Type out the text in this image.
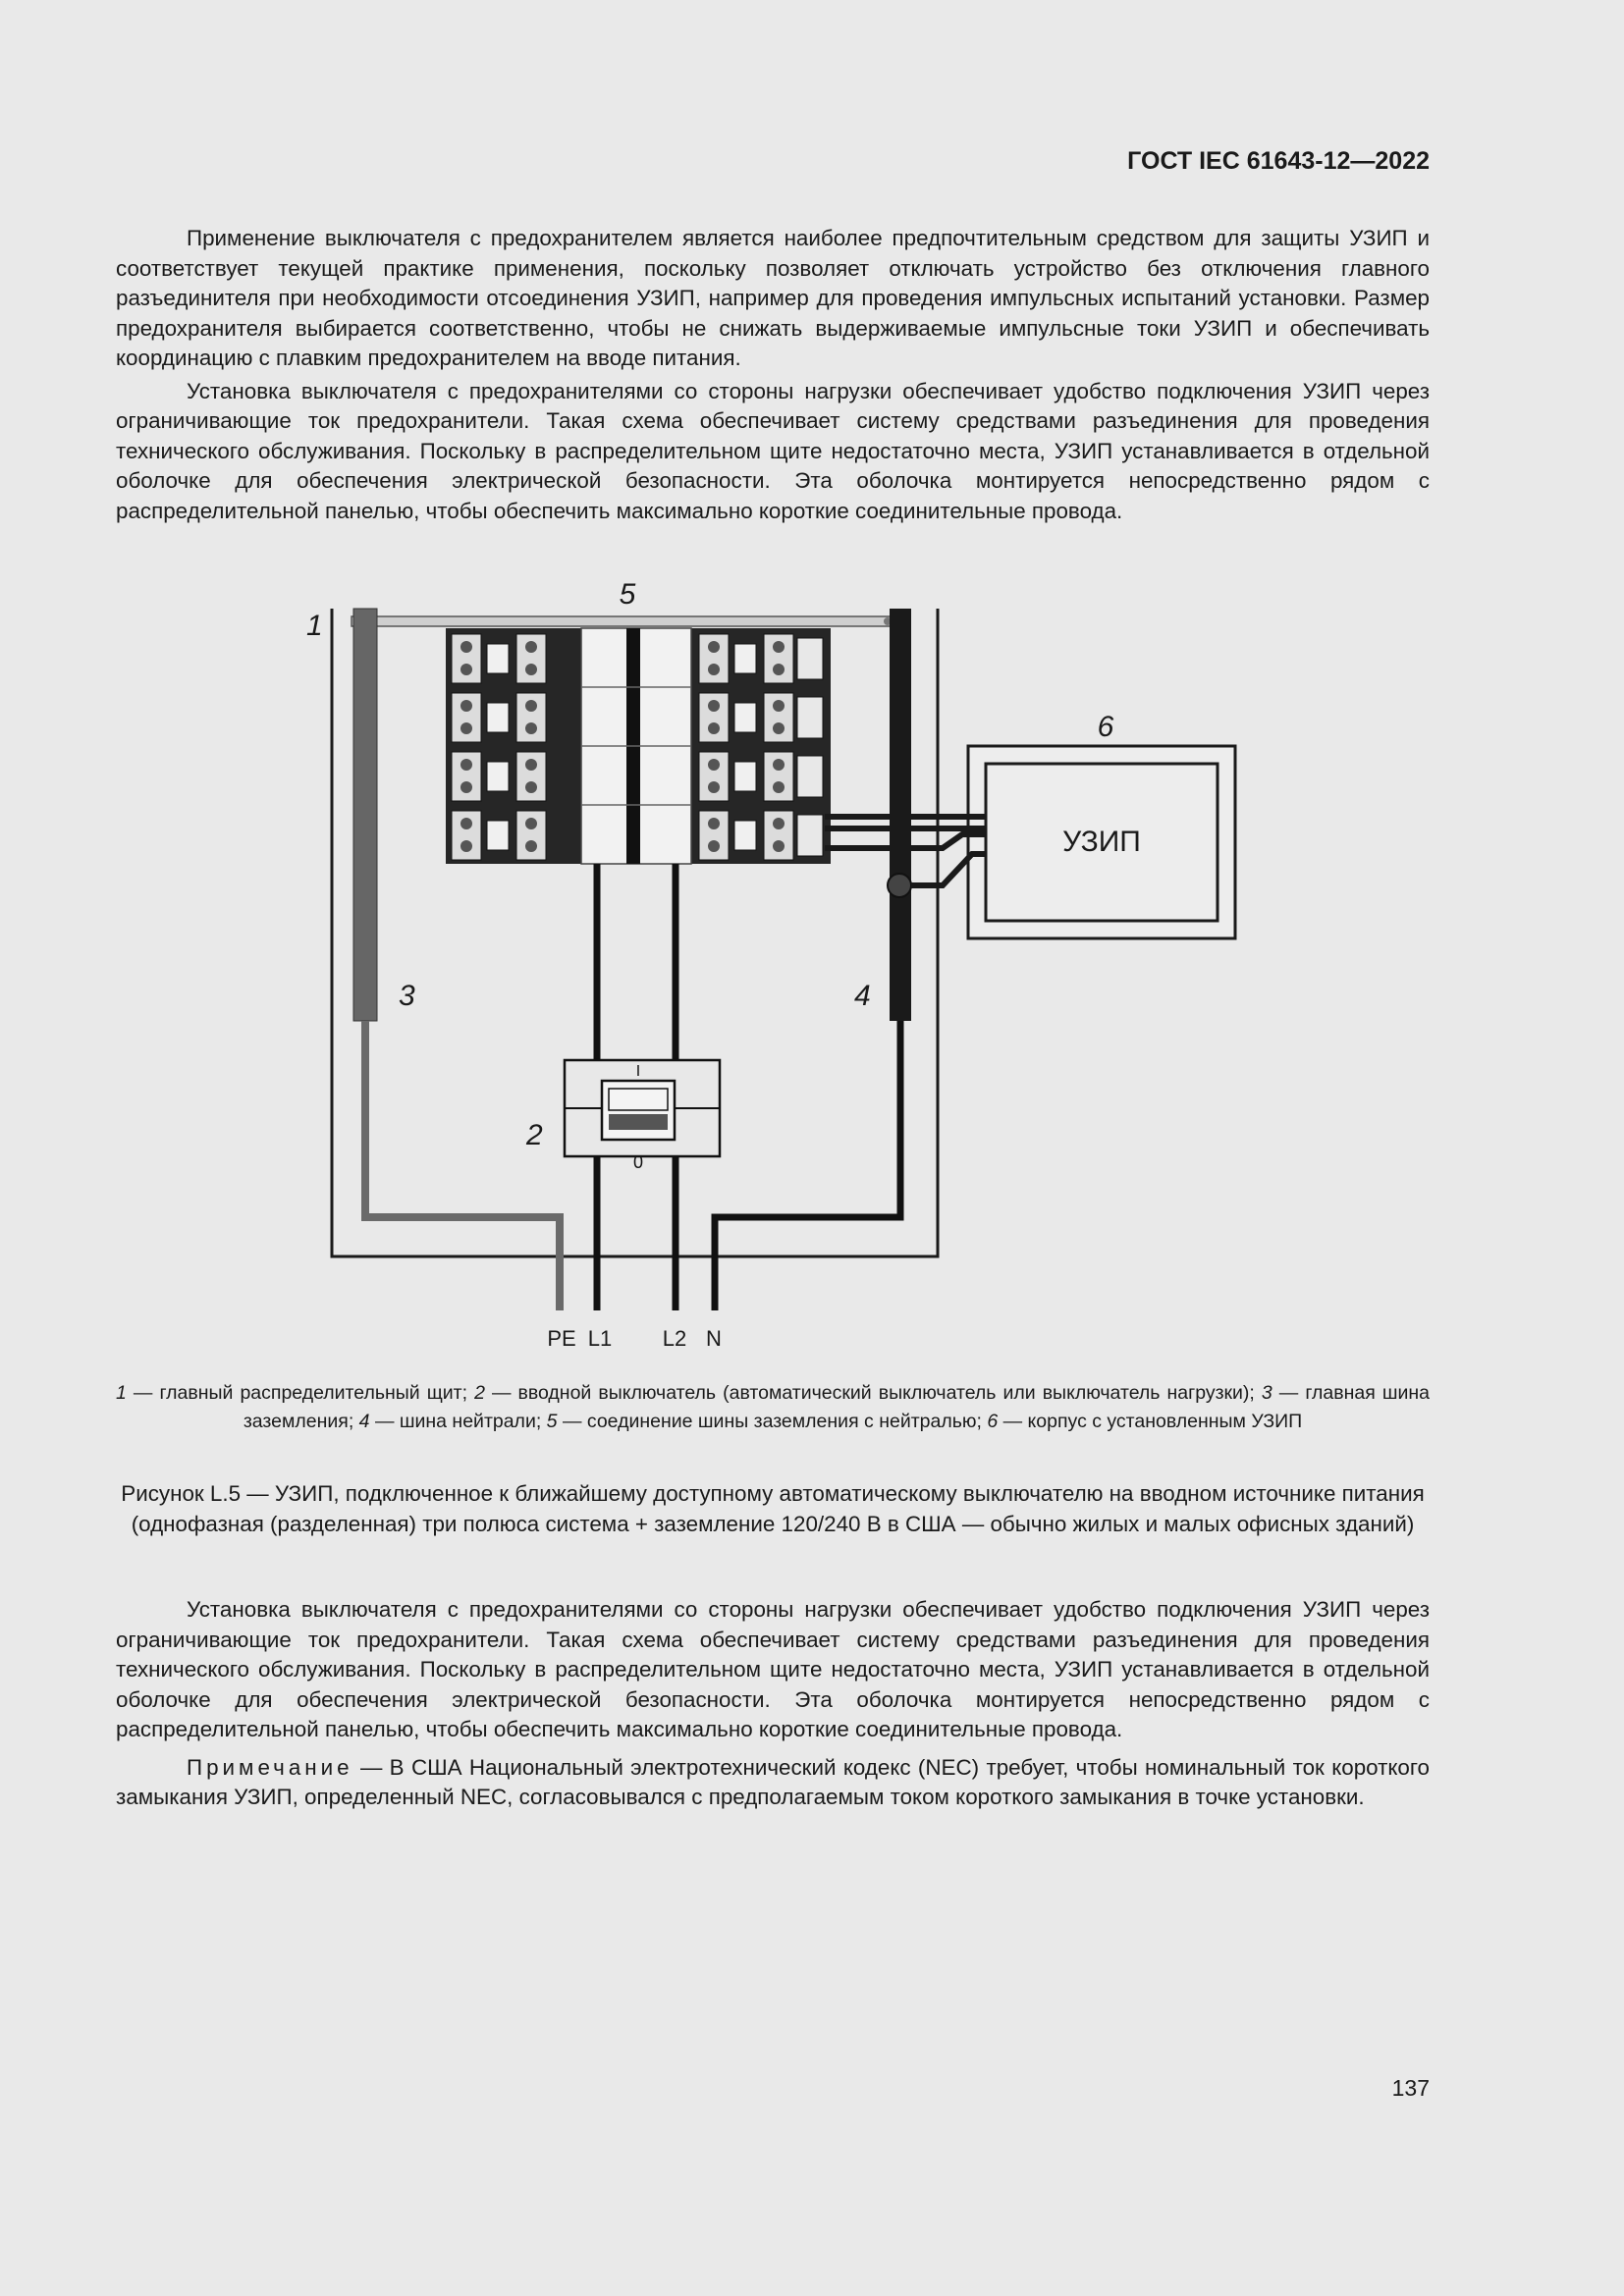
ГОСТ IEC 61643-12—2022

Применение выключателя с предохранителем является наиболее предпочтительным средством для защиты УЗИП и соответствует текущей практике применения, поскольку позволяет отключать устройство без отключения главного разъединителя при необходимости отсоединения УЗИП, например для проведения импульсных испытаний установки. Размер предохранителя выбирается соответственно, чтобы не снижать выдерживаемые импульсные токи УЗИП и обеспечивать координацию с плавким предохранителем на вводе питания.

Установка выключателя с предохранителями со стороны нагрузки обеспечивает удобство подключения УЗИП через ограничивающие ток предохранители. Такая схема обеспечивает систему средствами разъединения для проведения технического обслуживания. Поскольку в распределительном щите недостаточно места, УЗИП устанавливается в отдельной оболочке для обеспечения электрической безопасности. Эта оболочка монтируется непосредственно рядом с распределительной панелью, чтобы обеспечить максимально короткие соединительные провода.

УЗИП
I
0
1
5
6
3	4
2
PE L1 L2 N
1 — главный распределительный щит; 2 — вводной выключатель (автоматический выключатель или выключатель нагрузки); 3 — главная шина заземления; 4 — шина нейтрали; 5 — соединение шины заземления с нейтралью; 6 — корпус с установленным УЗИП
Рисунок L.5 — УЗИП, подключенное к ближайшему доступному автоматическому выключателю на вводном источнике питания (однофазная (разделенная) три полюса система + заземление 120/240 В в США — обычно жилых и малых офисных зданий)

Установка выключателя с предохранителями со стороны нагрузки обеспечивает удобство подключения УЗИП через ограничивающие ток предохранители. Такая схема обеспечивает систему средствами разъединения для проведения технического обслуживания. Поскольку в распределительном щите недостаточно места, УЗИП устанавливается в отдельной оболочке для обеспечения электрической безопасности. Эта оболочка монтируется непосредственно рядом с распределительной панелью, чтобы обеспечить максимально короткие соединительные провода.

Примечание — В США Национальный электротехнический кодекс (NEC) требует, чтобы номинальный ток короткого замыкания УЗИП, определенный NEC, согласовывался с предполагаемым током короткого замыкания в точке установки.

137
